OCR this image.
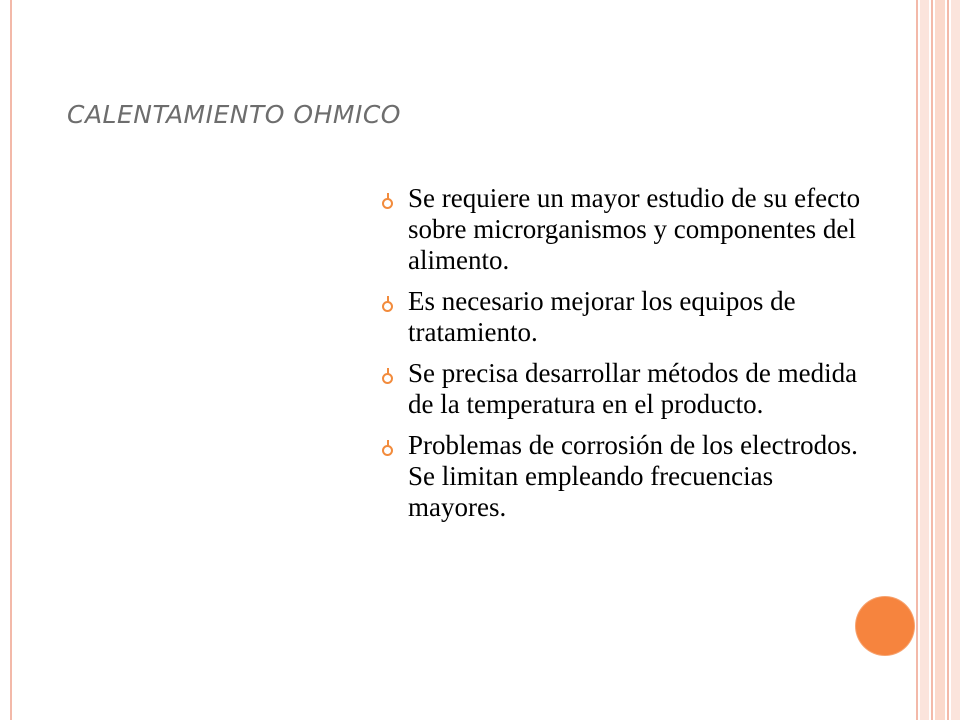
CALENTAMIENTO OHMICO
Se requiere un mayor estudio de su efecto sobre microrganismos y componentes del alimento.
Es necesario mejorar los equipos de tratamiento.
Se precisa desarrollar métodos de medida de la temperatura en el producto.
Problemas de corrosión de los electrodos. Se limitan empleando frecuencias mayores.
